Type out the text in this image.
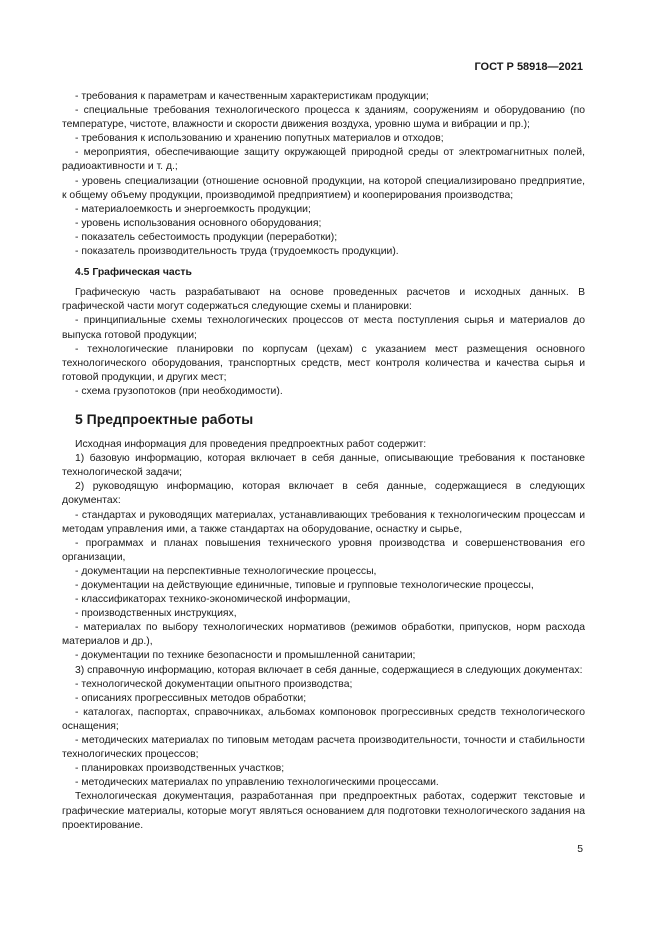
ГОСТ Р 58918—2021

- требования к параметрам и качественным характеристикам продукции;

- специальные требования технологического процесса к зданиям, сооружениям и оборудованию (по температуре, чистоте, влажности и скорости движения воздуха, уровню шума и вибрации и пр.);

- требования к использованию и хранению попутных материалов и отходов;

- мероприятия, обеспечивающие защиту окружающей природной среды от электромагнитных полей, радиоактивности и т. д.;

- уровень специализации (отношение основной продукции, на которой специализировано предприятие, к общему объему продукции, производимой предприятием) и кооперирования производства;

- материалоемкость и энергоемкость продукции;

- уровень использования основного оборудования;

- показатель себестоимость продукции (переработки);

- показатель производительность труда (трудоемкость продукции).

4.5 Графическая часть

Графическую часть разрабатывают на основе проведенных расчетов и исходных данных. В графической части могут содержаться следующие схемы и планировки:

- принципиальные схемы технологических процессов от места поступления сырья и материалов до выпуска готовой продукции;

- технологические планировки по корпусам (цехам) с указанием мест размещения основного технологического оборудования, транспортных средств, мест контроля количества и качества сырья и готовой продукции, и других мест;

- схема грузопотоков (при необходимости).

5 Предпроектные работы

Исходная информация для проведения предпроектных работ содержит:

1) базовую информацию, которая включает в себя данные, описывающие требования к постановке технологической задачи;

2) руководящую информацию, которая включает в себя данные, содержащиеся в следующих документах:

- стандартах и руководящих материалах, устанавливающих требования к технологическим процессам и методам управления ими, а также стандартах на оборудование, оснастку и сырье,

- программах и планах повышения технического уровня производства и совершенствования его организации,

- документации на перспективные технологические процессы,

- документации на действующие единичные, типовые и групповые технологические процессы,

- классификаторах технико-экономической информации,

- производственных инструкциях,

- материалах по выбору технологических нормативов (режимов обработки, припусков, норм расхода материалов и др.),

- документации по технике безопасности и промышленной санитарии;

3) справочную информацию, которая включает в себя данные, содержащиеся в следующих документах:

- технологической документации опытного производства;

- описаниях прогрессивных методов обработки;

- каталогах, паспортах, справочниках, альбомах компоновок прогрессивных средств технологического оснащения;

- методических материалах по типовым методам расчета производительности, точности и стабильности технологических процессов;

- планировках производственных участков;

- методических материалах по управлению технологическими процессами.

Технологическая документация, разработанная при предпроектных работах, содержит текстовые и графические материалы, которые могут являться основанием для подготовки технологического задания на проектирование.

5
